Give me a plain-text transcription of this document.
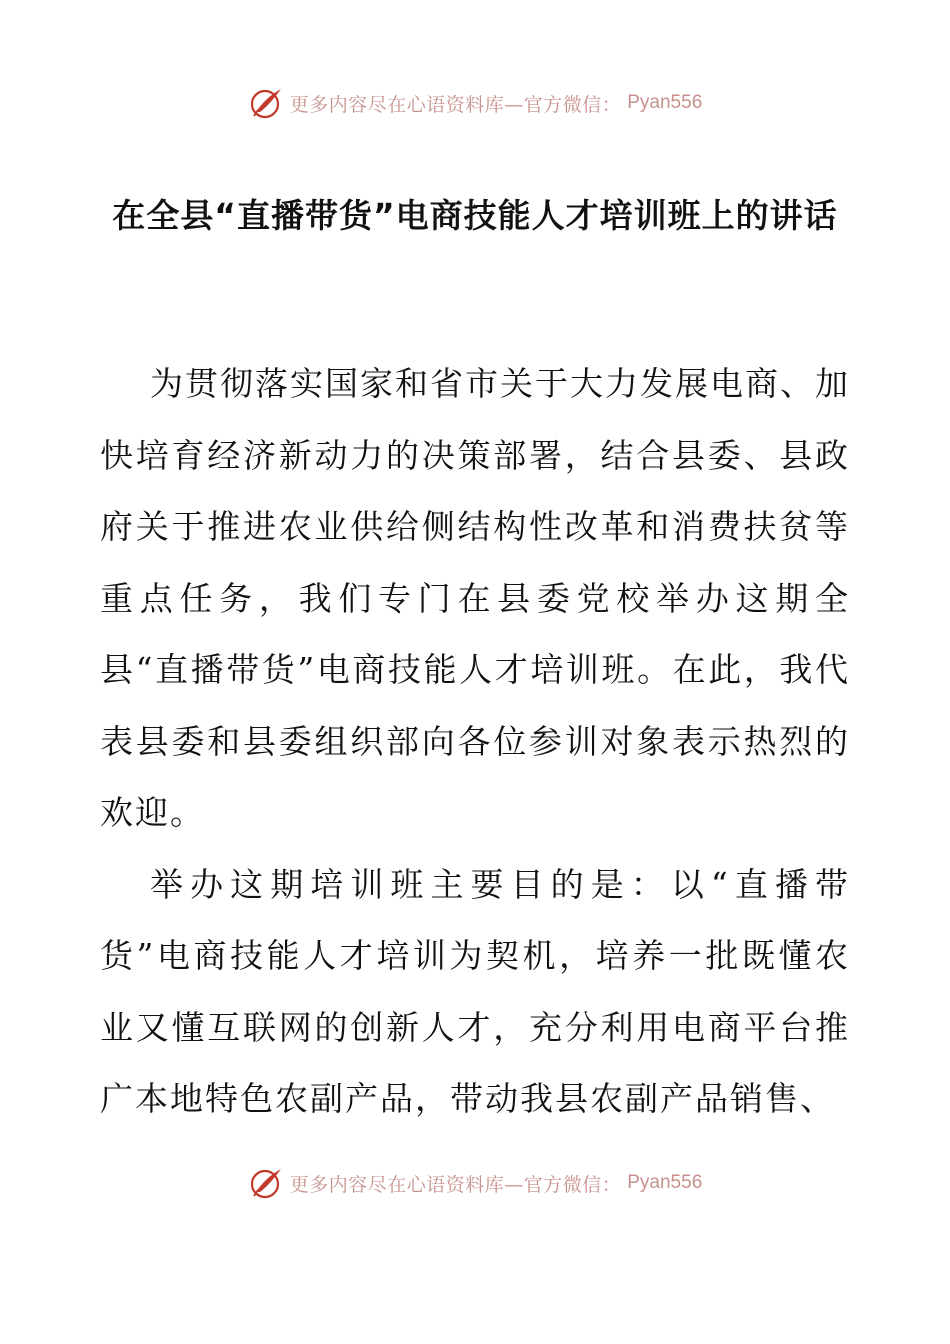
更多内容尽在心语资料库—官方微信： Pyan556
在全县“直播带货”电商技能人才培训班上的讲话

为贯彻落实国家和省市关于大力发展电商、加快培育经济新动力的决策部署，结合县委、县政府关于推进农业供给侧结构性改革和消费扶贫等重点任务，我们专门在县委党校举办这期全县“直播带货”电商技能人才培训班。在此，我代表县委和县委组织部向各位参训对象表示热烈的欢迎。

举办这期培训班主要目的是：以“直播带货”电商技能人才培训为契机，培养一批既懂农业又懂互联网的创新人才，充分利用电商平台推广本地特色农副产品，带动我县农副产品销售、

更多内容尽在心语资料库—官方微信： Pyan556
